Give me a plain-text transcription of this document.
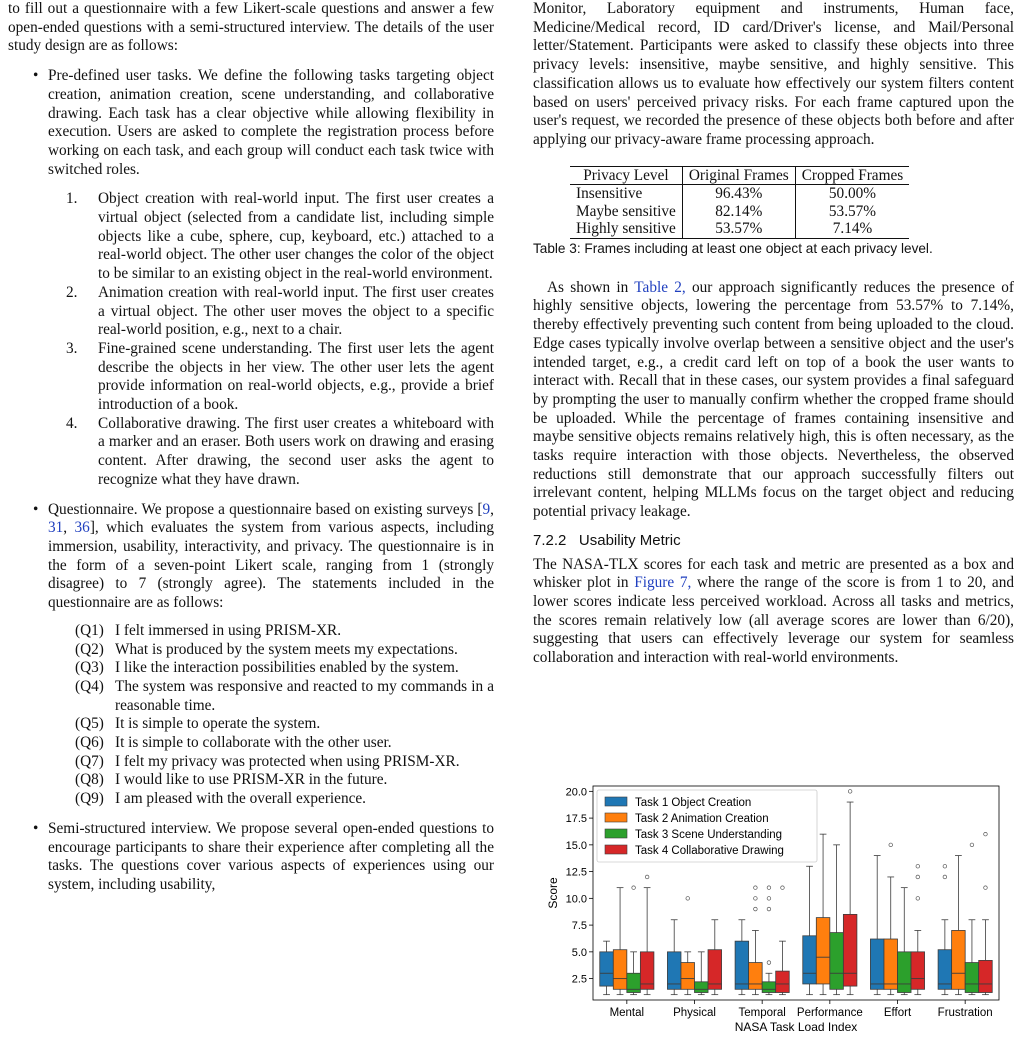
to fill out a questionnaire with a few Likert-scale questions and answer a few open-ended questions with a semi-structured interview. The details of the user study design are as follows:

• Pre-defined user tasks. We define the following tasks targeting object creation, animation creation, scene understanding, and collaborative drawing. Each task has a clear objective while allowing flexibility in execution. Users are asked to complete the registration process before working on each task, and each group will conduct each task twice with switched roles.

1. Object creation with real-world input. The first user creates a virtual object (selected from a candidate list, including simple objects like a cube, sphere, cup, keyboard, etc.) attached to a real-world object. The other user changes the color of the object to be similar to an existing object in the real-world environment.

2. Animation creation with real-world input. The first user creates a virtual object. The other user moves the object to a specific real-world position, e.g., next to a chair.

3. Fine-grained scene understanding. The first user lets the agent describe the objects in her view. The other user lets the agent provide information on real-world objects, e.g., provide a brief introduction of a book.

4. Collaborative drawing. The first user creates a whiteboard with a marker and an eraser. Both users work on drawing and erasing content. After drawing, the second user asks the agent to recognize what they have drawn.

• Questionnaire. We propose a questionnaire based on existing surveys [9, 31, 36], which evaluates the system from various aspects, including immersion, usability, interactivity, and privacy. The questionnaire is in the form of a seven-point Likert scale, ranging from 1 (strongly disagree) to 7 (strongly agree). The statements included in the questionnaire are as follows:

(Q1) I felt immersed in using PRISM-XR.

(Q2) What is produced by the system meets my expectations.

(Q3) I like the interaction possibilities enabled by the system.

(Q4) The system was responsive and reacted to my commands in a reasonable time.

(Q5) It is simple to operate the system.

(Q6) It is simple to collaborate with the other user.

(Q7) I felt my privacy was protected when using PRISM-XR.

(Q8) I would like to use PRISM-XR in the future.

(Q9) I am pleased with the overall experience.

• Semi-structured interview. We propose several open-ended questions to encourage participants to share their experience after completing all the tasks. The questions cover various aspects of experiences using our system, including usability,

Monitor, Laboratory equipment and instruments, Human face, Medicine/Medical record, ID card/Driver's license, and Mail/Personal letter/Statement. Participants were asked to classify these objects into three privacy levels: insensitive, maybe sensitive, and highly sensitive. This classification allows us to evaluate how effectively our system filters content based on users' perceived privacy risks. For each frame captured upon the user's request, we recorded the presence of these objects both before and after applying our privacy-aware frame processing approach.

Privacy Level	Original Frames	Cropped Frames
Insensitive	96.43%	50.00%
Maybe sensitive	82.14%	53.57%
Highly sensitive	53.57%	7.14%

Table 3: Frames including at least one object at each privacy level.

As shown in Table 2, our approach significantly reduces the presence of highly sensitive objects, lowering the percentage from 53.57% to 7.14%, thereby effectively preventing such content from being uploaded to the cloud. Edge cases typically involve overlap between a sensitive object and the user's intended target, e.g., a credit card left on top of a book the user wants to interact with. Recall that in these cases, our system provides a final safeguard by prompting the user to manually confirm whether the cropped frame should be uploaded. While the percentage of frames containing insensitive and maybe sensitive objects remains relatively high, this is often necessary, as the tasks require interaction with those objects. Nevertheless, the observed reductions still demonstrate that our approach successfully filters out irrelevant content, helping MLLMs focus on the target object and reducing potential privacy leakage.

7.2.2 Usability Metric

The NASA-TLX scores for each task and metric are presented as a box and whisker plot in Figure 7, where the range of the score is from 1 to 20, and lower scores indicate less perceived workload. Across all tasks and metrics, the scores remain relatively low (all average scores are lower than 6/20), suggesting that users can effectively leverage our system for seamless collaboration and interaction with real-world environments.

2.5
5.0
7.5
10.0
12.5
15.0
17.5
20.0
Mental	Physical Temporal Performance Effort Frustration
Score
NASA Task Load Index
Task 1 Object Creation
Task 2 Animation Creation
Task 3 Scene Understanding
Task 4 Collaborative Drawing
